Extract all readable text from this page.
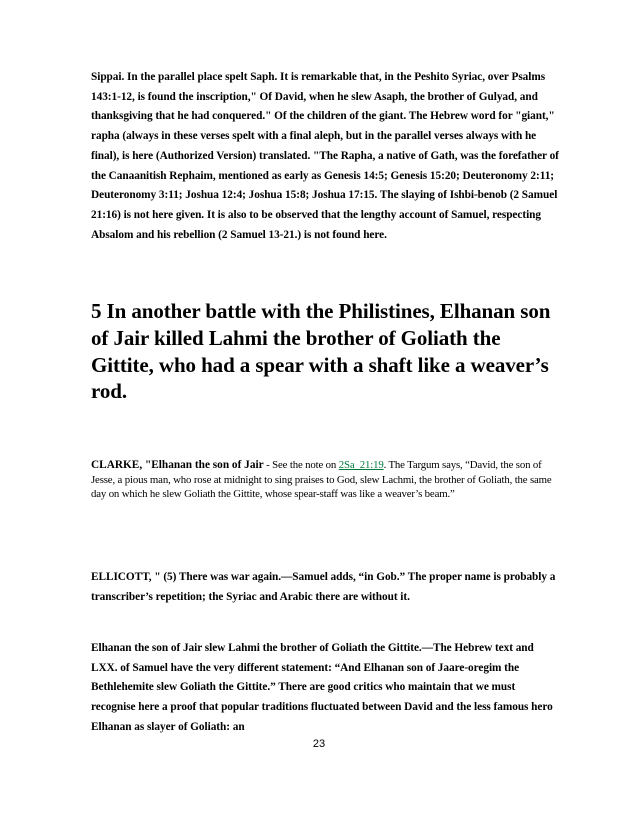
Sippai. In the parallel place spelt Saph. It is remarkable that, in the Peshito Syriac, over Psalms 143:1-12, is found the inscription," Of David, when he slew Asaph, the brother of Gulyad, and thanksgiving that he had conquered." Of the children of the giant. The Hebrew word for "giant," rapha (always in these verses spelt with a final aleph, but in the parallel verses always with he final), is here (Authorized Version) translated. "The Rapha, a native of Gath, was the forefather of the Canaanitish Rephaim, mentioned as early as Genesis 14:5; Genesis 15:20; Deuteronomy 2:11; Deuteronomy 3:11; Joshua 12:4; Joshua 15:8; Joshua 17:15. The slaying of Ishbi-benob (2 Samuel 21:16) is not here given. It is also to be observed that the lengthy account of Samuel, respecting Absalom and his rebellion (2 Samuel 13-21.) is not found here.

5 In another battle with the Philistines, Elhanan son of Jair killed Lahmi the brother of Goliath the Gittite, who had a spear with a shaft like a weaver’s rod.

CLARKE, "Elhanan the son of Jair - See the note on 2Sa_21:19. The Targum says, “David, the son of Jesse, a pious man, who rose at midnight to sing praises to God, slew Lachmi, the brother of Goliath, the same day on which he slew Goliath the Gittite, whose spear-staff was like a weaver’s beam.”

ELLICOTT, " (5) There was war again.—Samuel adds, “in Gob.” The proper name is probably a transcriber’s repetition; the Syriac and Arabic there are without it.

Elhanan the son of Jair slew Lahmi the brother of Goliath the Gittite.—The Hebrew text and LXX. of Samuel have the very different statement: “And Elhanan son of Jaare-oregim the Bethlehemite slew Goliath the Gittite.” There are good critics who maintain that we must recognise here a proof that popular traditions fluctuated between David and the less famous hero Elhanan as slayer of Goliath: an

23
